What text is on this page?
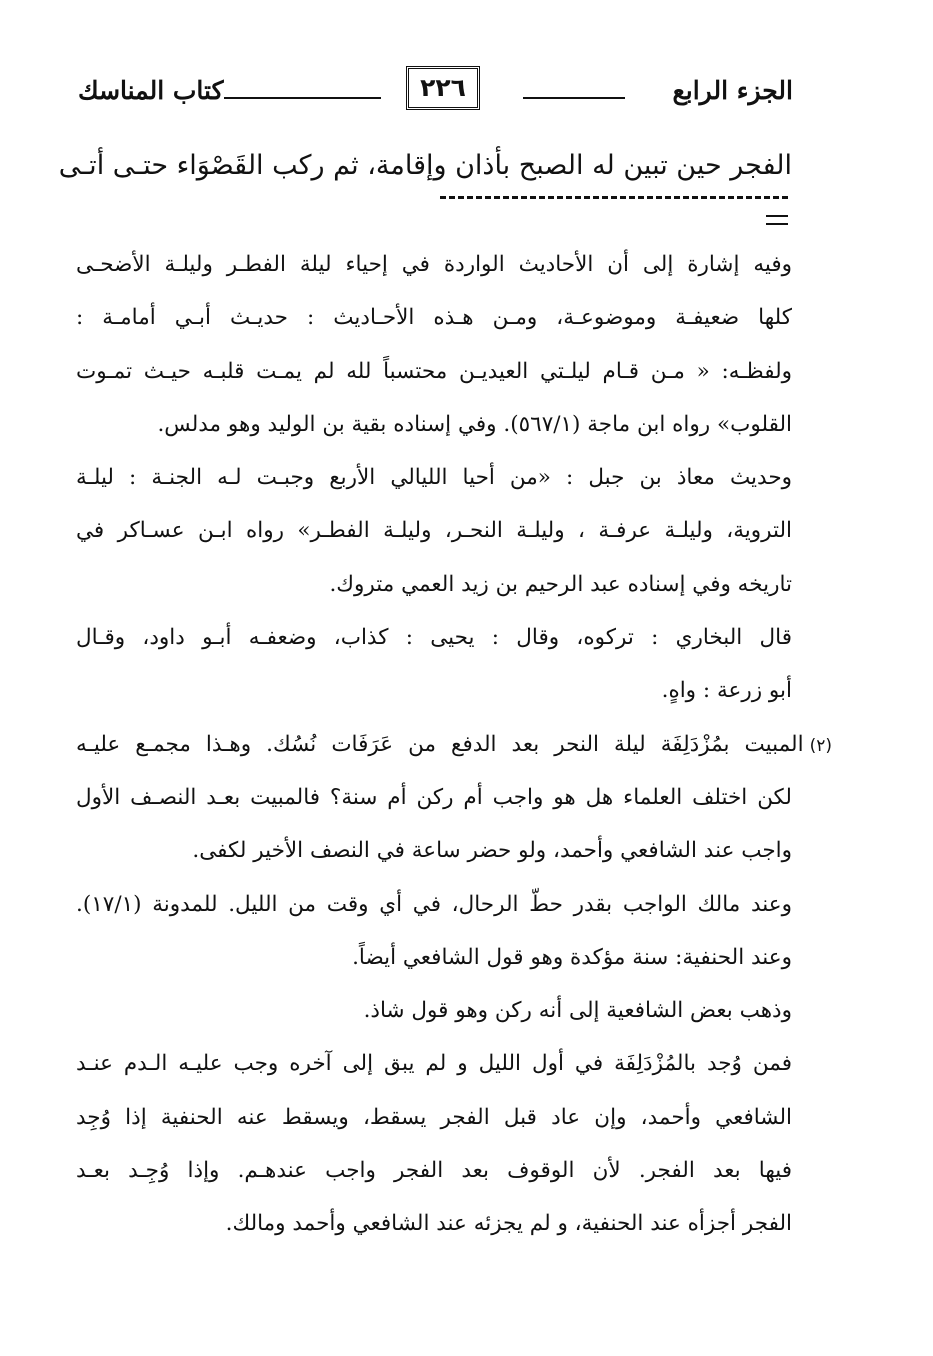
الجزء الرابع
٢٢٦
كتاب المناسك
الفجر حين تبين له الصبح بأذان وإقامة، ثم ركب القَصْوَاء حتـى أتـى
وفيه إشارة إلى أن الأحاديث الواردة في إحياء ليلة الفطـر وليلـة الأضحـى
كلها ضعيفـة وموضوعـة، ومـن هـذه الأحـاديث : حديـث أبـي أمامـة :
ولفظـه: « مـن قـام ليلـتي العيديـن محتسباً لله لم يمـت قلبـه حيـث تمـوت
القلوب» رواه ابن ماجة (٥٦٧/١). وفي إسناده بقية بن الوليد وهو مدلس.
وحديث معاذ بن جبل : «من أحيا الليالي الأربع وجبـت لـه الجنـة : ليلـة
التروية، وليلـة عرفـة ، وليلـة النحـر، وليلـة الفطـر» رواه ابـن عسـاكر في
تاريخه وفي إسناده عبد الرحيم بن زيد العمي متروك.
قال البخاري : تركوه، وقال : يحيى : كذاب، وضعفـه أبـو داود، وقـال
أبو زرعة : واهٍ.
(٢)المبيت بمُزْدَلِفَة ليلة النحر بعد الدفع من عَرَفَات نُسُك. وهـذا مجمـع عليـه
لكن اختلف العلماء هل هو واجب أم ركن أم سنة؟ فالمبيت بعـد النصـف الأول
واجب عند الشافعي وأحمد، ولو حضر ساعة في النصف الأخير لكفى.
وعند مالك الواجب بقدر حطّ الرحال، في أي وقت من الليل. للمدونة (١٧/١).
وعند الحنفية: سنة مؤكدة وهو قول الشافعي أيضاً.
وذهب بعض الشافعية إلى أنه ركن وهو قول شاذ.
فمن وُجد بالمُزْدَلِفَة في أول الليل و لم يبق إلى آخره وجب عليـه الـدم عنـد
الشافعي وأحمد، وإن عاد قبل الفجر يسقط، ويسقط عنه الحنفية إذا وُجِد
فيها بعد الفجر. لأن الوقوف بعد الفجر واجب عندهـم. وإذا وُجِـد بعـد
الفجر أجزأه عند الحنفية، و لم يجزئه عند الشافعي وأحمد ومالك.
